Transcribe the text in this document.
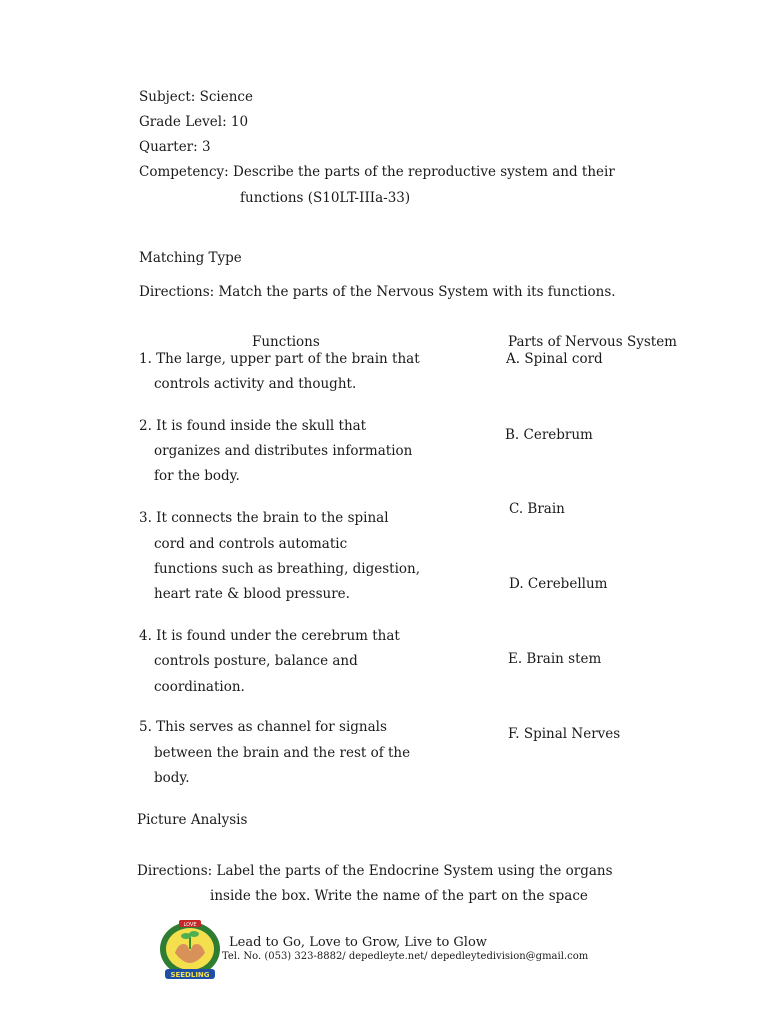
Subject: Science
Grade Level: 10
Quarter: 3
Competency: Describe the parts of the reproductive system and their
functions (S10LT-IIIa-33)
Matching Type
Directions: Match the parts of the Nervous System with its functions.
Functions	Parts of Nervous System
1. The large, upper part of the brain that
controls activity and thought.
2. It is found inside the skull that
organizes and distributes information
for the body.
3. It connects the brain to the spinal
cord and controls automatic
functions such as breathing, digestion,
heart rate & blood pressure.
4. It is found under the cerebrum that
controls posture, balance and
coordination.
5. This serves as channel for signals
between the brain and the rest of the
body.
A. Spinal cord
B. Cerebrum
C. Brain
D. Cerebellum
E. Brain stem
F. Spinal Nerves
Picture Analysis
Directions: Label the parts of the Endocrine System using the organs
inside the box. Write the name of the part on the space
LOVE
SEEDLING
Lead to Go, Love to Grow, Live to Glow
Tel. No. (053) 323-8882/ depedleyte.net/ depedleytedivision@gmail.com
